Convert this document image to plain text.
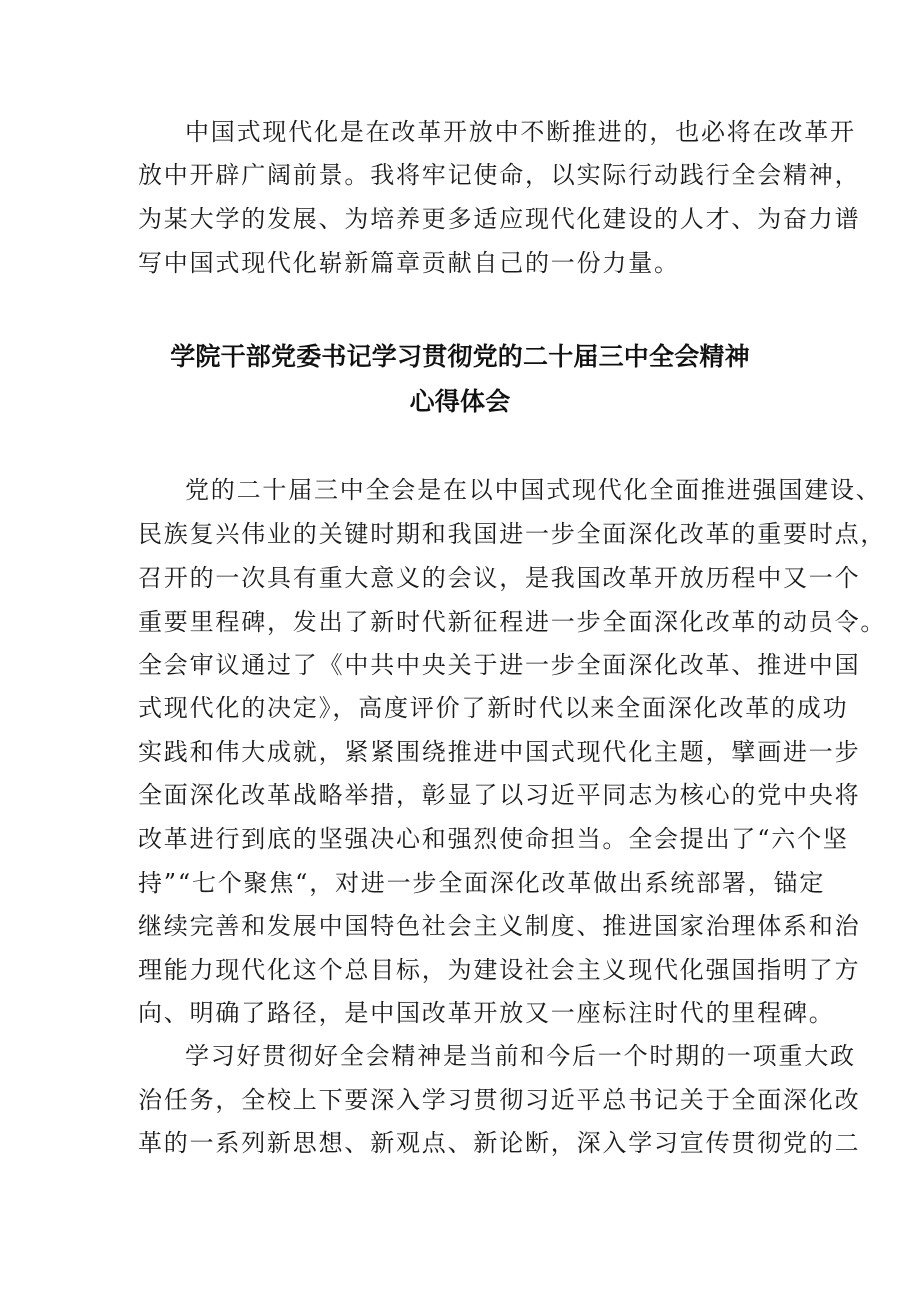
中国式现代化是在改革开放中不断推进的，也必将在改革开

放中开辟广阔前景。我将牢记使命，以实际行动践行全会精神，

为某大学的发展、为培养更多适应现代化建设的人才、为奋力谱

写中国式现代化崭新篇章贡献自己的一份力量。

学院干部党委书记学习贯彻党的二十届三中全会精神
心得体会

党的二十届三中全会是在以中国式现代化全面推进强国建设、

民族复兴伟业的关键时期和我国进一步全面深化改革的重要时点，

召开的一次具有重大意义的会议，是我国改革开放历程中又一个

重要里程碑，发出了新时代新征程进一步全面深化改革的动员令。

全会审议通过了《中共中央关于进一步全面深化改革、推进中国

式现代化的决定》，高度评价了新时代以来全面深化改革的成功

实践和伟大成就，紧紧围绕推进中国式现代化主题，擘画进一步

全面深化改革战略举措，彰显了以习近平同志为核心的党中央将

改革进行到底的坚强决心和强烈使命担当。全会提出了“六个坚

持”“七个聚焦“，对进一步全面深化改革做出系统部署，锚定

继续完善和发展中国特色社会主义制度、推进国家治理体系和治

理能力现代化这个总目标，为建设社会主义现代化强国指明了方

向、明确了路径，是中国改革开放又一座标注时代的里程碑。

学习好贯彻好全会精神是当前和今后一个时期的一项重大政

治任务，全校上下要深入学习贯彻习近平总书记关于全面深化改

革的一系列新思想、新观点、新论断，深入学习宣传贯彻党的二
